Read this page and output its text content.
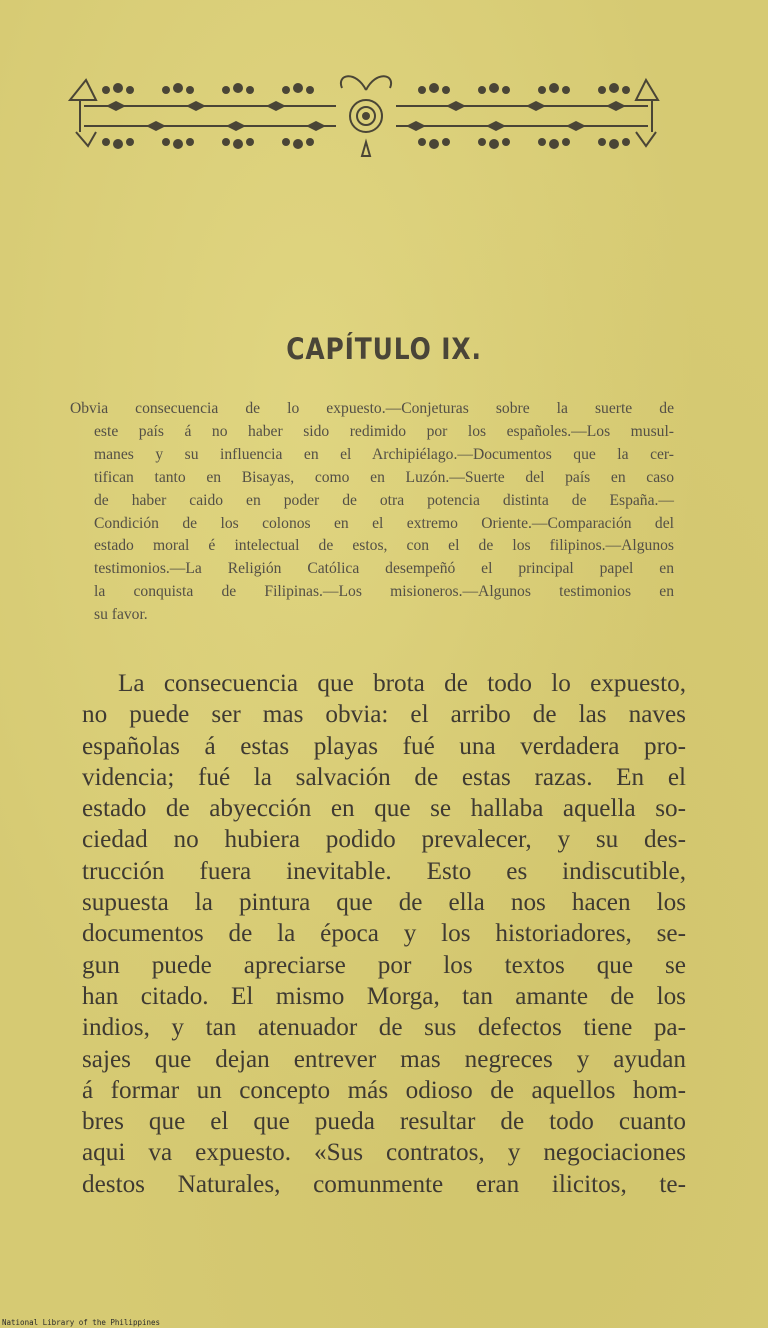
CAPÍTULO IX.
Obvia consecuencia de lo expuesto.—Conjeturas sobre la suerte de
este país á no haber sido redimido por los españoles.—Los musul-
manes y su influencia en el Archipiélago.—Documentos que la cer-
tifican tanto en Bisayas, como en Luzón.—Suerte del país en caso
de haber caido en poder de otra potencia distinta de España.—
Condición de los colonos en el extremo Oriente.—Comparación del
estado moral é intelectual de estos, con el de los filipinos.—Algunos
testimonios.—La Religión Católica desempeñó el principal papel en
la conquista de Filipinas.—Los misioneros.—Algunos testimonios en
su favor.
La consecuencia que brota de todo lo expuesto,
no puede ser mas obvia: el arribo de las naves
españolas á estas playas fué una verdadera pro-
videncia; fué la salvación de estas razas. En el
estado de abyección en que se hallaba aquella so-
ciedad no hubiera podido prevalecer, y su des-
trucción fuera inevitable. Esto es indiscutible,
supuesta la pintura que de ella nos hacen los
documentos de la época y los historiadores, se-
gun puede apreciarse por los textos que se
han citado. El mismo Morga, tan amante de los
indios, y tan atenuador de sus defectos tiene pa-
sajes que dejan entrever mas negreces y ayudan
á formar un concepto más odioso de aquellos hom-
bres que el que pueda resultar de todo cuanto
aqui va expuesto. «Sus contratos, y negociaciones
destos Naturales, comunmente eran ilicitos, te-
National Library of the Philippines
